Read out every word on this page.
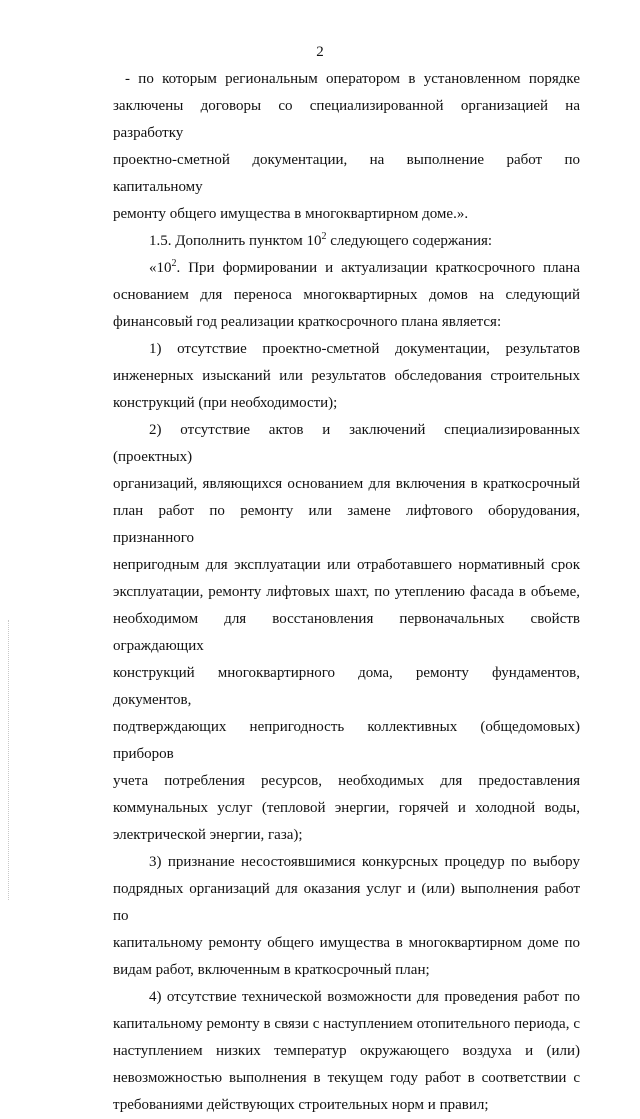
2

- по которым региональным оператором в установленном порядке

заключены договоры со специализированной организацией на разработку

проектно-сметной документации, на выполнение работ по капитальному

ремонту общего имущества в многоквартирном доме.».

1.5. Дополнить пунктом $10^2$ следующего содержания:

«$10^2$. При формировании и актуализации краткосрочного плана

основанием для переноса многоквартирных домов на следующий

финансовый год реализации краткосрочного плана является:

1) отсутствие проектно-сметной документации, результатов

инженерных изысканий или результатов обследования строительных

конструкций (при необходимости);

2) отсутствие актов и заключений специализированных (проектных)

организаций, являющихся основанием для включения в краткосрочный

план работ по ремонту или замене лифтового оборудования, признанного

непригодным для эксплуатации или отработавшего нормативный срок

эксплуатации, ремонту лифтовых шахт, по утеплению фасада в объеме,

необходимом для восстановления первоначальных свойств ограждающих

конструкций многоквартирного дома, ремонту фундаментов, документов,

подтверждающих непригодность коллективных (общедомовых) приборов

учета потребления ресурсов, необходимых для предоставления

коммунальных услуг (тепловой энергии, горячей и холодной воды,

электрической энергии, газа);

3) признание несостоявшимися конкурсных процедур по выбору

подрядных организаций для оказания услуг и (или) выполнения работ по

капитальному ремонту общего имущества в многоквартирном доме по

видам работ, включенным в краткосрочный план;

4) отсутствие технической возможности для проведения работ по

капитальному ремонту в связи с наступлением отопительного периода, с

наступлением низких температур окружающего воздуха и (или)

невозможностью выполнения в текущем году работ в соответствии с

требованиями действующих строительных норм и правил;
